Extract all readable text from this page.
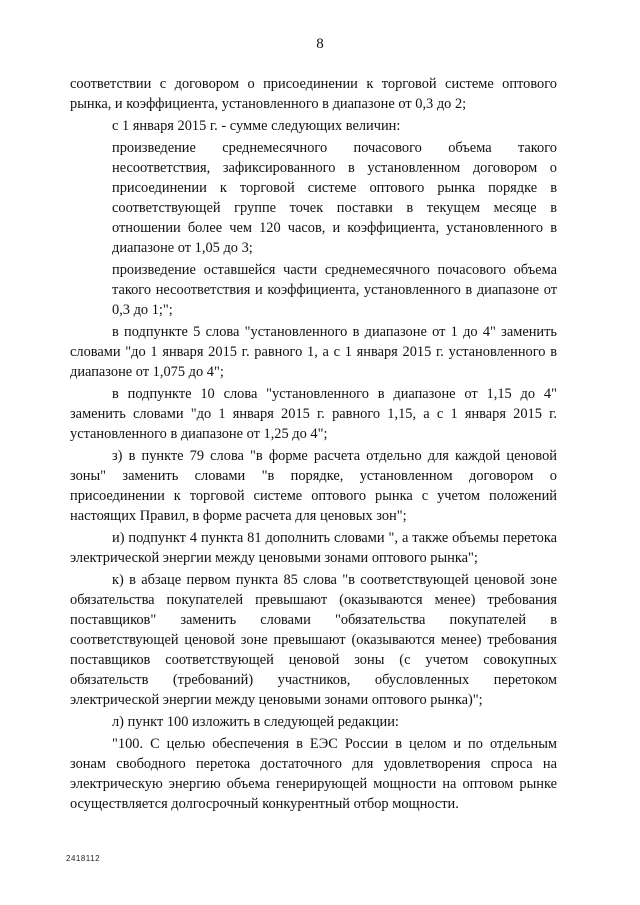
8

соответствии с договором о присоединении к торговой системе оптового рынка, и коэффициента, установленного в диапазоне от 0,3 до 2;

с 1 января 2015 г. - сумме следующих величин:

произведение среднемесячного почасового объема такого несоответствия, зафиксированного в установленном договором о присоединении к торговой системе оптового рынка порядке в соответствующей группе точек поставки в текущем месяце в отношении более чем 120 часов, и коэффициента, установленного в диапазоне от 1,05 до 3;

произведение оставшейся части среднемесячного почасового объема такого несоответствия и коэффициента, установленного в диапазоне от 0,3 до 1;";

в подпункте 5 слова "установленного в диапазоне от 1 до 4" заменить словами "до 1 января 2015 г. равного 1, а с 1 января 2015 г. установленного в диапазоне от 1,075 до 4";

в подпункте 10 слова "установленного в диапазоне от 1,15 до 4" заменить словами "до 1 января 2015 г. равного 1,15, а с 1 января 2015 г. установленного в диапазоне от 1,25 до 4";

з) в пункте 79 слова "в форме расчета отдельно для каждой ценовой зоны" заменить словами "в порядке, установленном договором о присоединении к торговой системе оптового рынка с учетом положений настоящих Правил, в форме расчета для ценовых зон";

и) подпункт 4 пункта 81 дополнить словами ", а также объемы перетока электрической энергии между ценовыми зонами оптового рынка";

к) в абзаце первом пункта 85 слова "в соответствующей ценовой зоне обязательства покупателей превышают (оказываются менее) требования поставщиков" заменить словами "обязательства покупателей в соответствующей ценовой зоне превышают (оказываются менее) требования поставщиков соответствующей ценовой зоны (с учетом совокупных обязательств (требований) участников, обусловленных перетоком электрической энергии между ценовыми зонами оптового рынка)";

л) пункт 100 изложить в следующей редакции:

"100. С целью обеспечения в ЕЭС России в целом и по отдельным зонам свободного перетока достаточного для удовлетворения спроса на электрическую энергию объема генерирующей мощности на оптовом рынке осуществляется долгосрочный конкурентный отбор мощности.

2418112
